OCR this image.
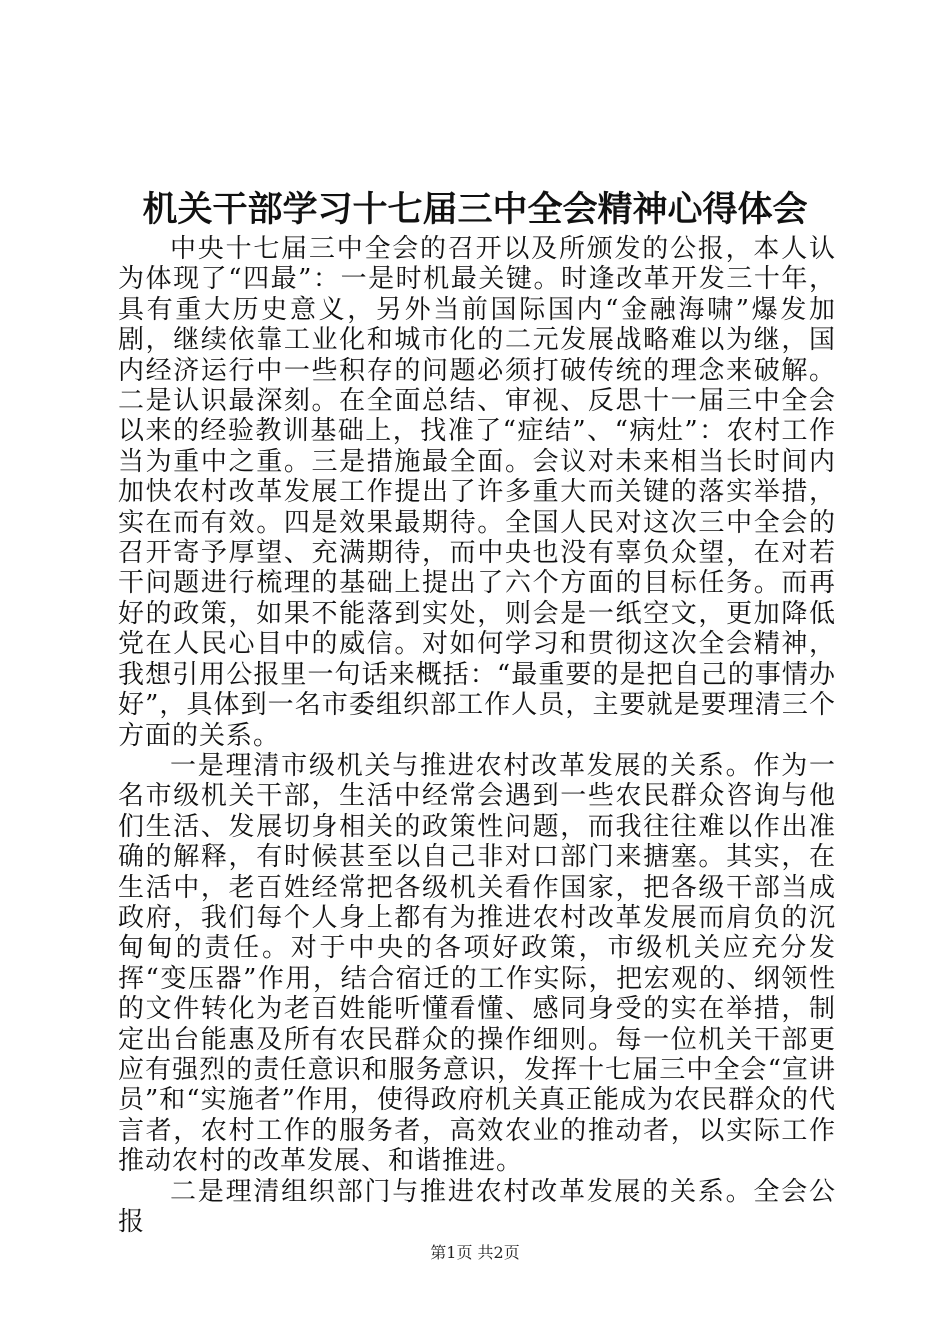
机关干部学习十七届三中全会精神心得体会

中央十七届三中全会的召开以及所颁发的公报，本人认为体现了“四最”：一是时机最关键。时逢改革开发三十年，具有重大历史意义，另外当前国际国内“金融海啸”爆发加剧，继续依靠工业化和城市化的二元发展战略难以为继，国内经济运行中一些积存的问题必须打破传统的理念来破解。二是认识最深刻。在全面总结、审视、反思十一届三中全会以来的经验教训基础上，找准了“症结”、“病灶”：农村工作当为重中之重。三是措施最全面。会议对未来相当长时间内加快农村改革发展工作提出了许多重大而关键的落实举措，实在而有效。四是效果最期待。全国人民对这次三中全会的召开寄予厚望、充满期待，而中央也没有辜负众望，在对若干问题进行梳理的基础上提出了六个方面的目标任务。而再好的政策，如果不能落到实处，则会是一纸空文，更加降低党在人民心目中的威信。对如何学习和贯彻这次全会精神，我想引用公报里一句话来概括：“最重要的是把自己的事情办好”，具体到一名市委组织部工作人员，主要就是要理清三个方面的关系。

一是理清市级机关与推进农村改革发展的关系。作为一名市级机关干部，生活中经常会遇到一些农民群众咨询与他们生活、发展切身相关的政策性问题，而我往往难以作出准确的解释，有时候甚至以自己非对口部门来搪塞。其实，在生活中，老百姓经常把各级机关看作国家，把各级干部当成政府，我们每个人身上都有为推进农村改革发展而肩负的沉甸甸的责任。对于中央的各项好政策，市级机关应充分发挥“变压器”作用，结合宿迁的工作实际，把宏观的、纲领性的文件转化为老百姓能听懂看懂、感同身受的实在举措，制定出台能惠及所有农民群众的操作细则。每一位机关干部更应有强烈的责任意识和服务意识，发挥十七届三中全会“宣讲员”和“实施者”作用，使得政府机关真正能成为农民群众的代言者，农村工作的服务者，高效农业的推动者，以实际工作推动农村的改革发展、和谐推进。

二是理清组织部门与推进农村改革发展的关系。全会公报

第1页 共2页
